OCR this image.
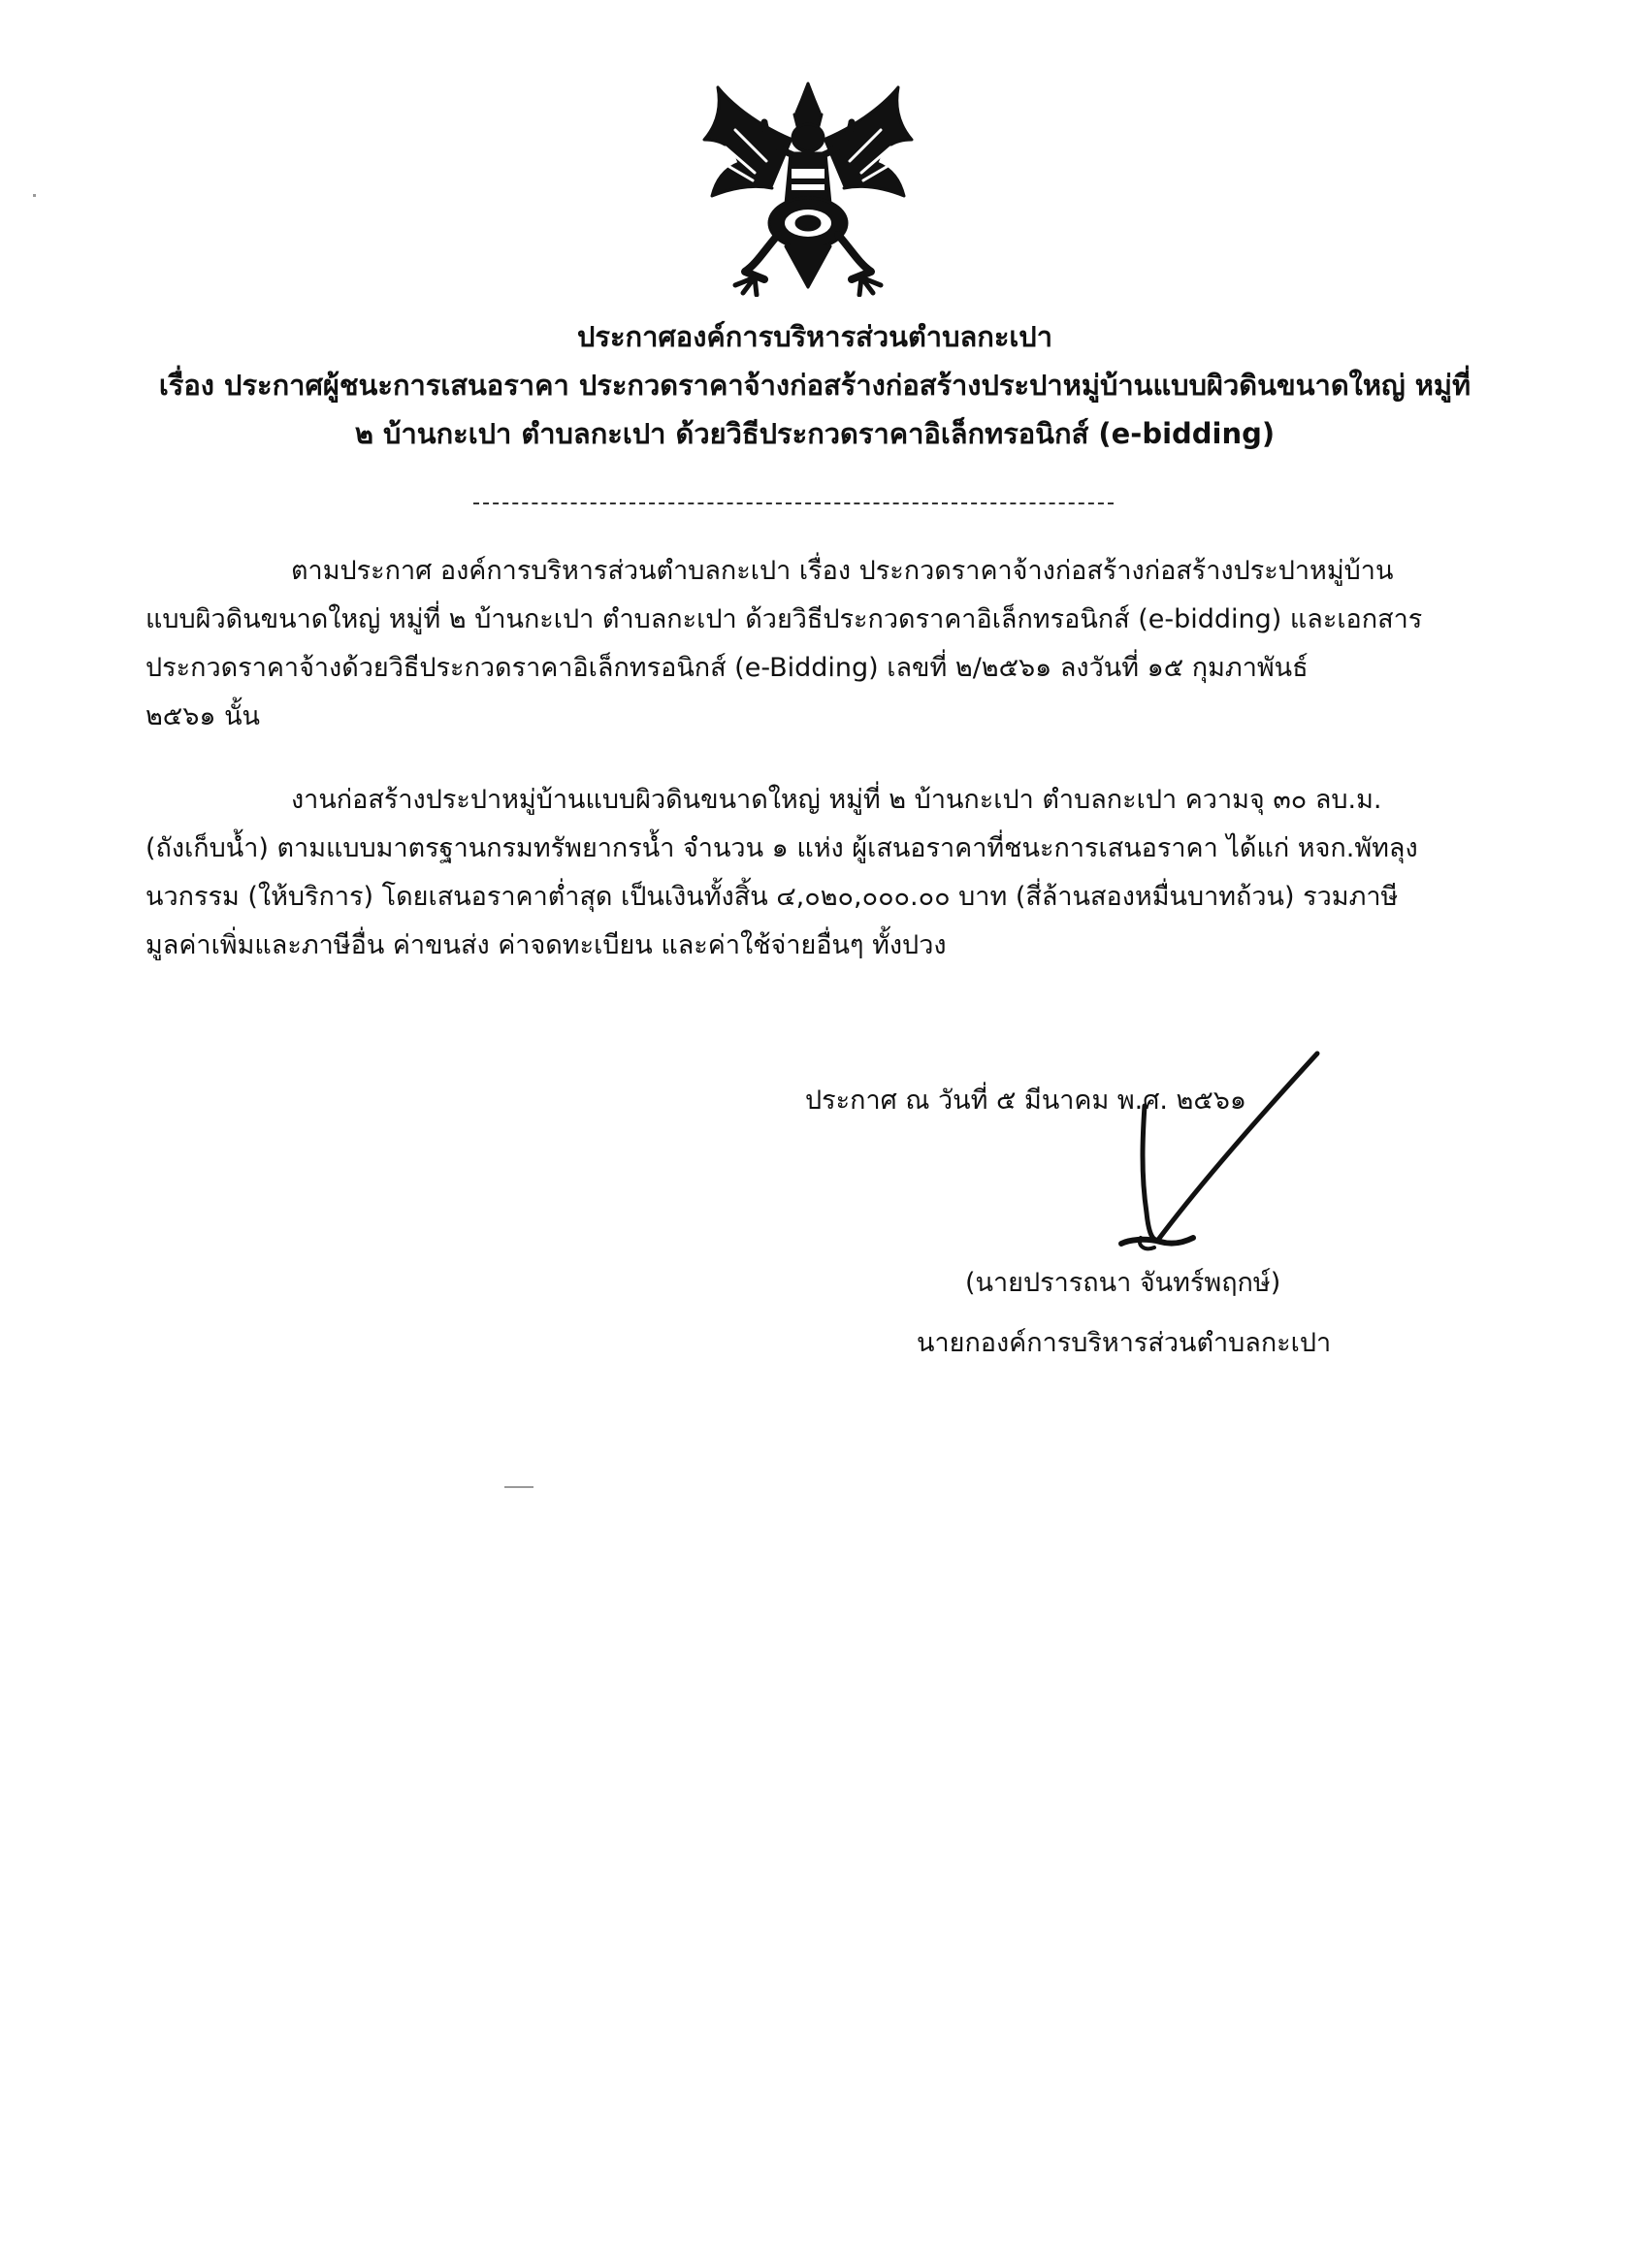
ประกาศองค์การบริหารส่วนตำบลกะเปา
เรื่อง ประกาศผู้ชนะการเสนอราคา ประกวดราคาจ้างก่อสร้างก่อสร้างประปาหมู่บ้านแบบผิวดินขนาดใหญ่ หมู่ที่
๒ บ้านกะเปา ตำบลกะเปา ด้วยวิธีประกวดราคาอิเล็กทรอนิกส์ (e-bidding)
ตามประกาศ องค์การบริหารส่วนตำบลกะเปา เรื่อง ประกวดราคาจ้างก่อสร้างก่อสร้างประปาหมู่บ้าน
แบบผิวดินขนาดใหญ่ หมู่ที่ ๒ บ้านกะเปา ตำบลกะเปา ด้วยวิธีประกวดราคาอิเล็กทรอนิกส์ (e-bidding) และเอกสาร
ประกวดราคาจ้างด้วยวิธีประกวดราคาอิเล็กทรอนิกส์ (e-Bidding) เลขที่ ๒/๒๕๖๑ ลงวันที่ ๑๕ กุมภาพันธ์
๒๕๖๑ นั้น
งานก่อสร้างประปาหมู่บ้านแบบผิวดินขนาดใหญ่ หมู่ที่ ๒ บ้านกะเปา ตำบลกะเปา ความจุ ๓๐ ลบ.ม.
(ถังเก็บน้ำ) ตามแบบมาตรฐานกรมทรัพยากรน้ำ จำนวน ๑ แห่ง ผู้เสนอราคาที่ชนะการเสนอราคา ได้แก่ หจก.พัทลุง
นวกรรม (ให้บริการ) โดยเสนอราคาต่ำสุด เป็นเงินทั้งสิ้น ๔,๐๒๐,๐๐๐.๐๐ บาท (สี่ล้านสองหมื่นบาทถ้วน) รวมภาษี
มูลค่าเพิ่มและภาษีอื่น ค่าขนส่ง ค่าจดทะเบียน และค่าใช้จ่ายอื่นๆ ทั้งปวง
ประกาศ ณ วันที่ ๕ มีนาคม พ.ศ. ๒๕๖๑
(นายปรารถนา จันทร์พฤกษ์)
นายกองค์การบริหารส่วนตำบลกะเปา
